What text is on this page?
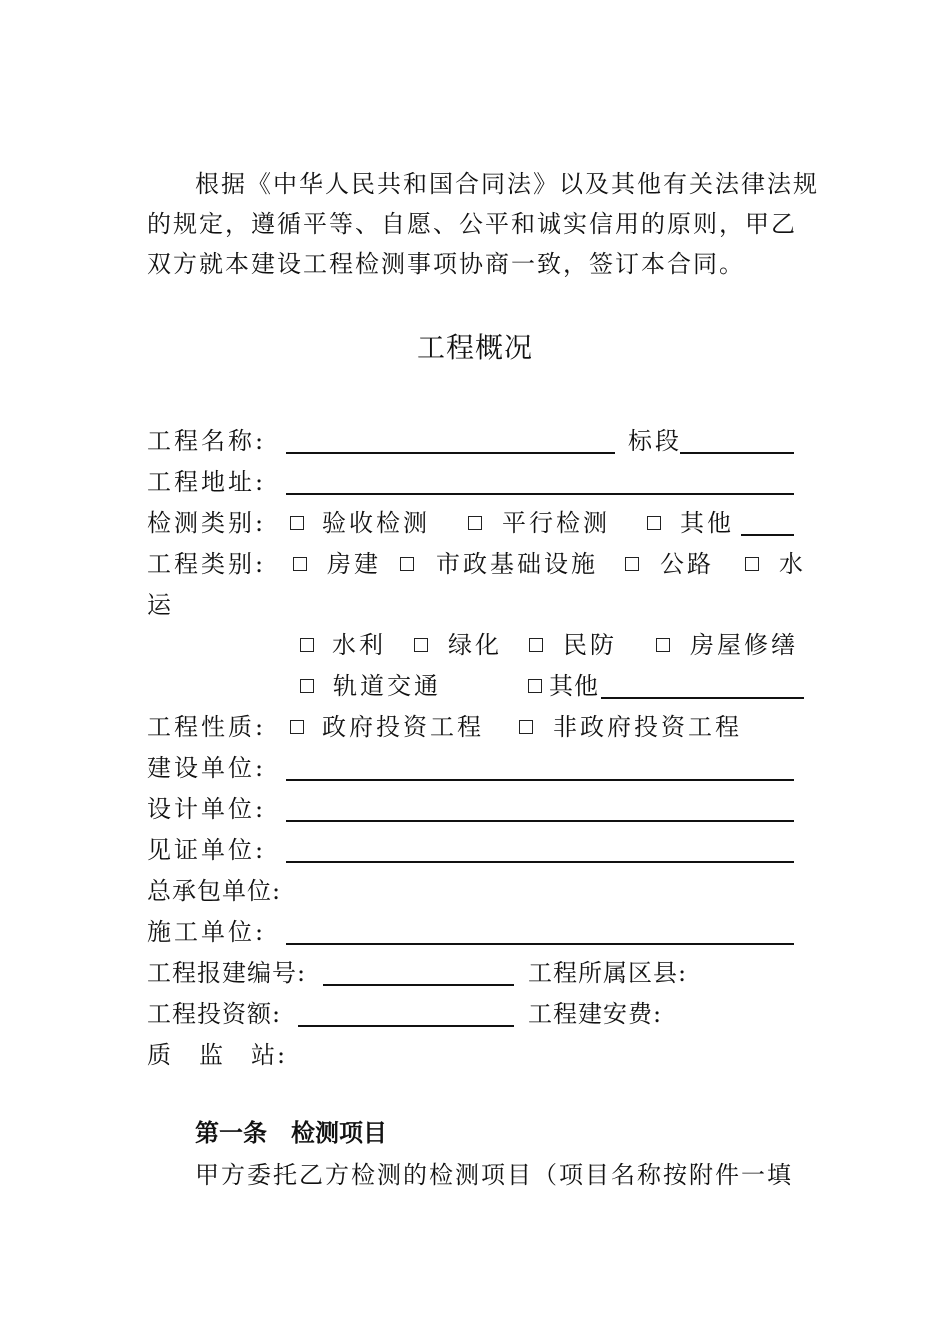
根据《中华人民共和国合同法》以及其他有关法律法规

的规定，遵循平等、自愿、公平和诚实信用的原则，甲乙

双方就本建设工程检测事项协商一致，签订本合同。

工程概况
工程名称:	标段
工程地址:
检测类别: 验收检测	平行检测	其他
工程类别:	房建 市政基础设施	公路	水
运
水利	绿化	民防	房屋修缮
轨道交通	其他
工程性质: 政府投资工程	非政府投资工程
建设单位:
设计单位:
见证单位:
总承包单位:
施工单位:
工程报建编号:	工程所属区县:
工程投资额:	工程建安费:
质　监　站:
第一条　检测项目
甲方委托乙方检测的检测项目（项目名称按附件一填
